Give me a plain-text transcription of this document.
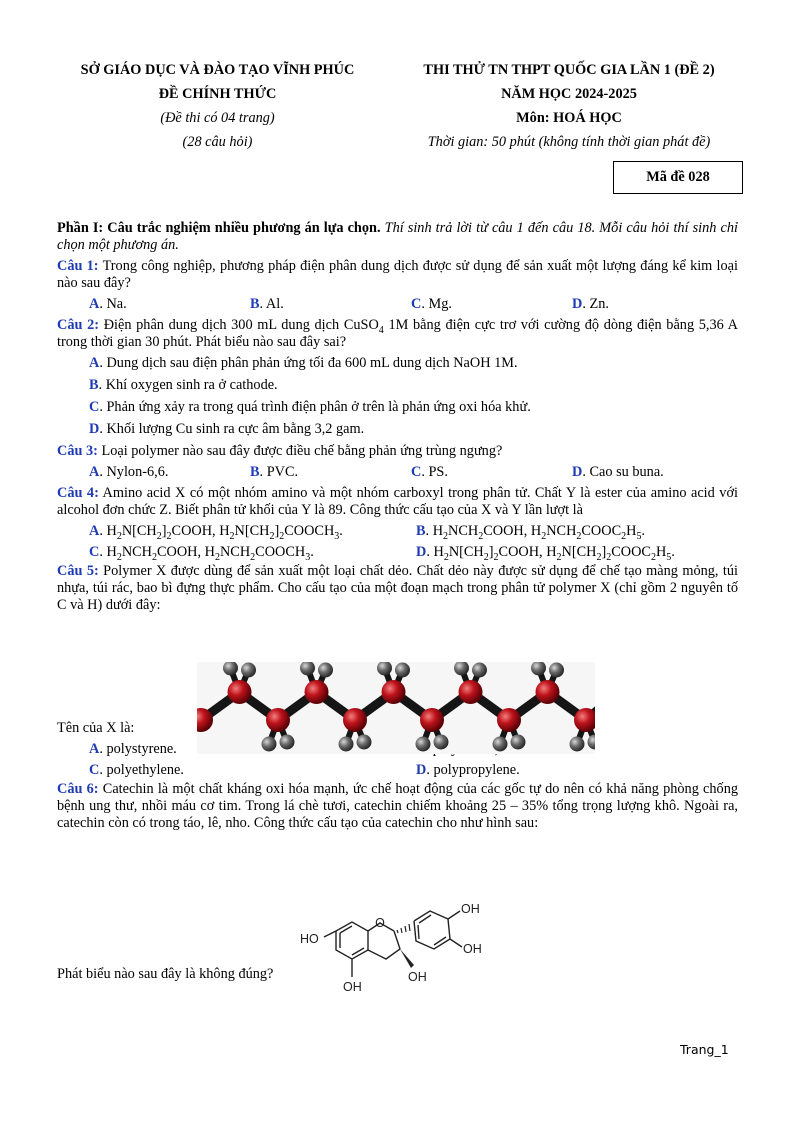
SỞ GIÁO DỤC VÀ ĐÀO TẠO VĨNH PHÚC
ĐỀ CHÍNH THỨC
(Đề thi có 04 trang)
(28 câu hỏi)
THI THỬ TN THPT QUỐC GIA LẦN 1 (ĐỀ 2)
NĂM HỌC 2024-2025
Môn: HOÁ HỌC
Thời gian: 50 phút (không tính thời gian phát đề)
Mã đề 028

Phần I: Câu trắc nghiệm nhiều phương án lựa chọn. Thí sinh trả lời từ câu 1 đến câu 18. Mỗi câu hỏi thí sinh chỉ chọn một phương án.

Câu 1: Trong công nghiệp, phương pháp điện phân dung dịch được sử dụng để sản xuất một lượng đáng kể kim loại nào sau đây?

A. Na.	B. Al.	C. Mg.	D. Zn.

Câu 2: Điện phân dung dịch 300 mL dung dịch CuSO$_4$ 1M bằng điện cực trơ với cường độ dòng điện bằng 5,36 A trong thời gian 30 phút. Phát biểu nào sau đây sai?

A. Dung dịch sau điện phân phản ứng tối đa 600 mL dung dịch NaOH 1M.
B. Khí oxygen sinh ra ở cathode.
C. Phản ứng xảy ra trong quá trình điện phân ở trên là phản ứng oxi hóa khử.
D. Khối lượng Cu sinh ra cực âm bằng 3,2 gam.

Câu 3: Loại polymer nào sau đây được điều chế bằng phản ứng trùng ngưng?

A. Nylon-6,6.	B. PVC.	C. PS.	D. Cao su buna.

Câu 4: Amino acid X có một nhóm amino và một nhóm carboxyl trong phân tử. Chất Y là ester của amino acid với alcohol đơn chức Z. Biết phân tử khối của Y là 89. Công thức cấu tạo của X và Y lần lượt là

A. $H_2N[CH_2]_2COOH$, $H_2N[CH_2]_2COOCH_3$.	B. $H_2NCH_2COOH$, $H_2NCH_2COOC_2H_5$.
C. $H_2NCH_2COOH$, $H_2NCH_2COOCH_3$.	D. $H_2N[CH_2]_2COOH$, $H_2N[CH_2]_2COOC_2H_5$.

Câu 5: Polymer X được dùng để sản xuất một loại chất dẻo. Chất dẻo này được sử dụng để chế tạo màng mỏng, túi nhựa, túi rác, bao bì đựng thực phẩm. Cho cấu tạo của một đoạn mạch trong phân tử polymer X (chỉ gồm 2 nguyên tố C và H) dưới đây:

Tên của X là:

A. polystyrene.
C. polyethylene.	D. polypropylene.

Câu 6: Catechin là một chất kháng oxi hóa mạnh, ức chế hoạt động của các gốc tự do nên có khả năng phòng chống bệnh ung thư, nhồi máu cơ tim. Trong lá chè tươi, catechin chiếm khoảng 25 – 35% tổng trọng lượng khô. Ngoài ra, catechin còn có trong táo, lê, nho. Công thức cấu tạo của catechin cho như hình sau:

Phát biểu nào sau đây là không đúng?

O
OH
OH
HO
OH
OH
Trang_1
